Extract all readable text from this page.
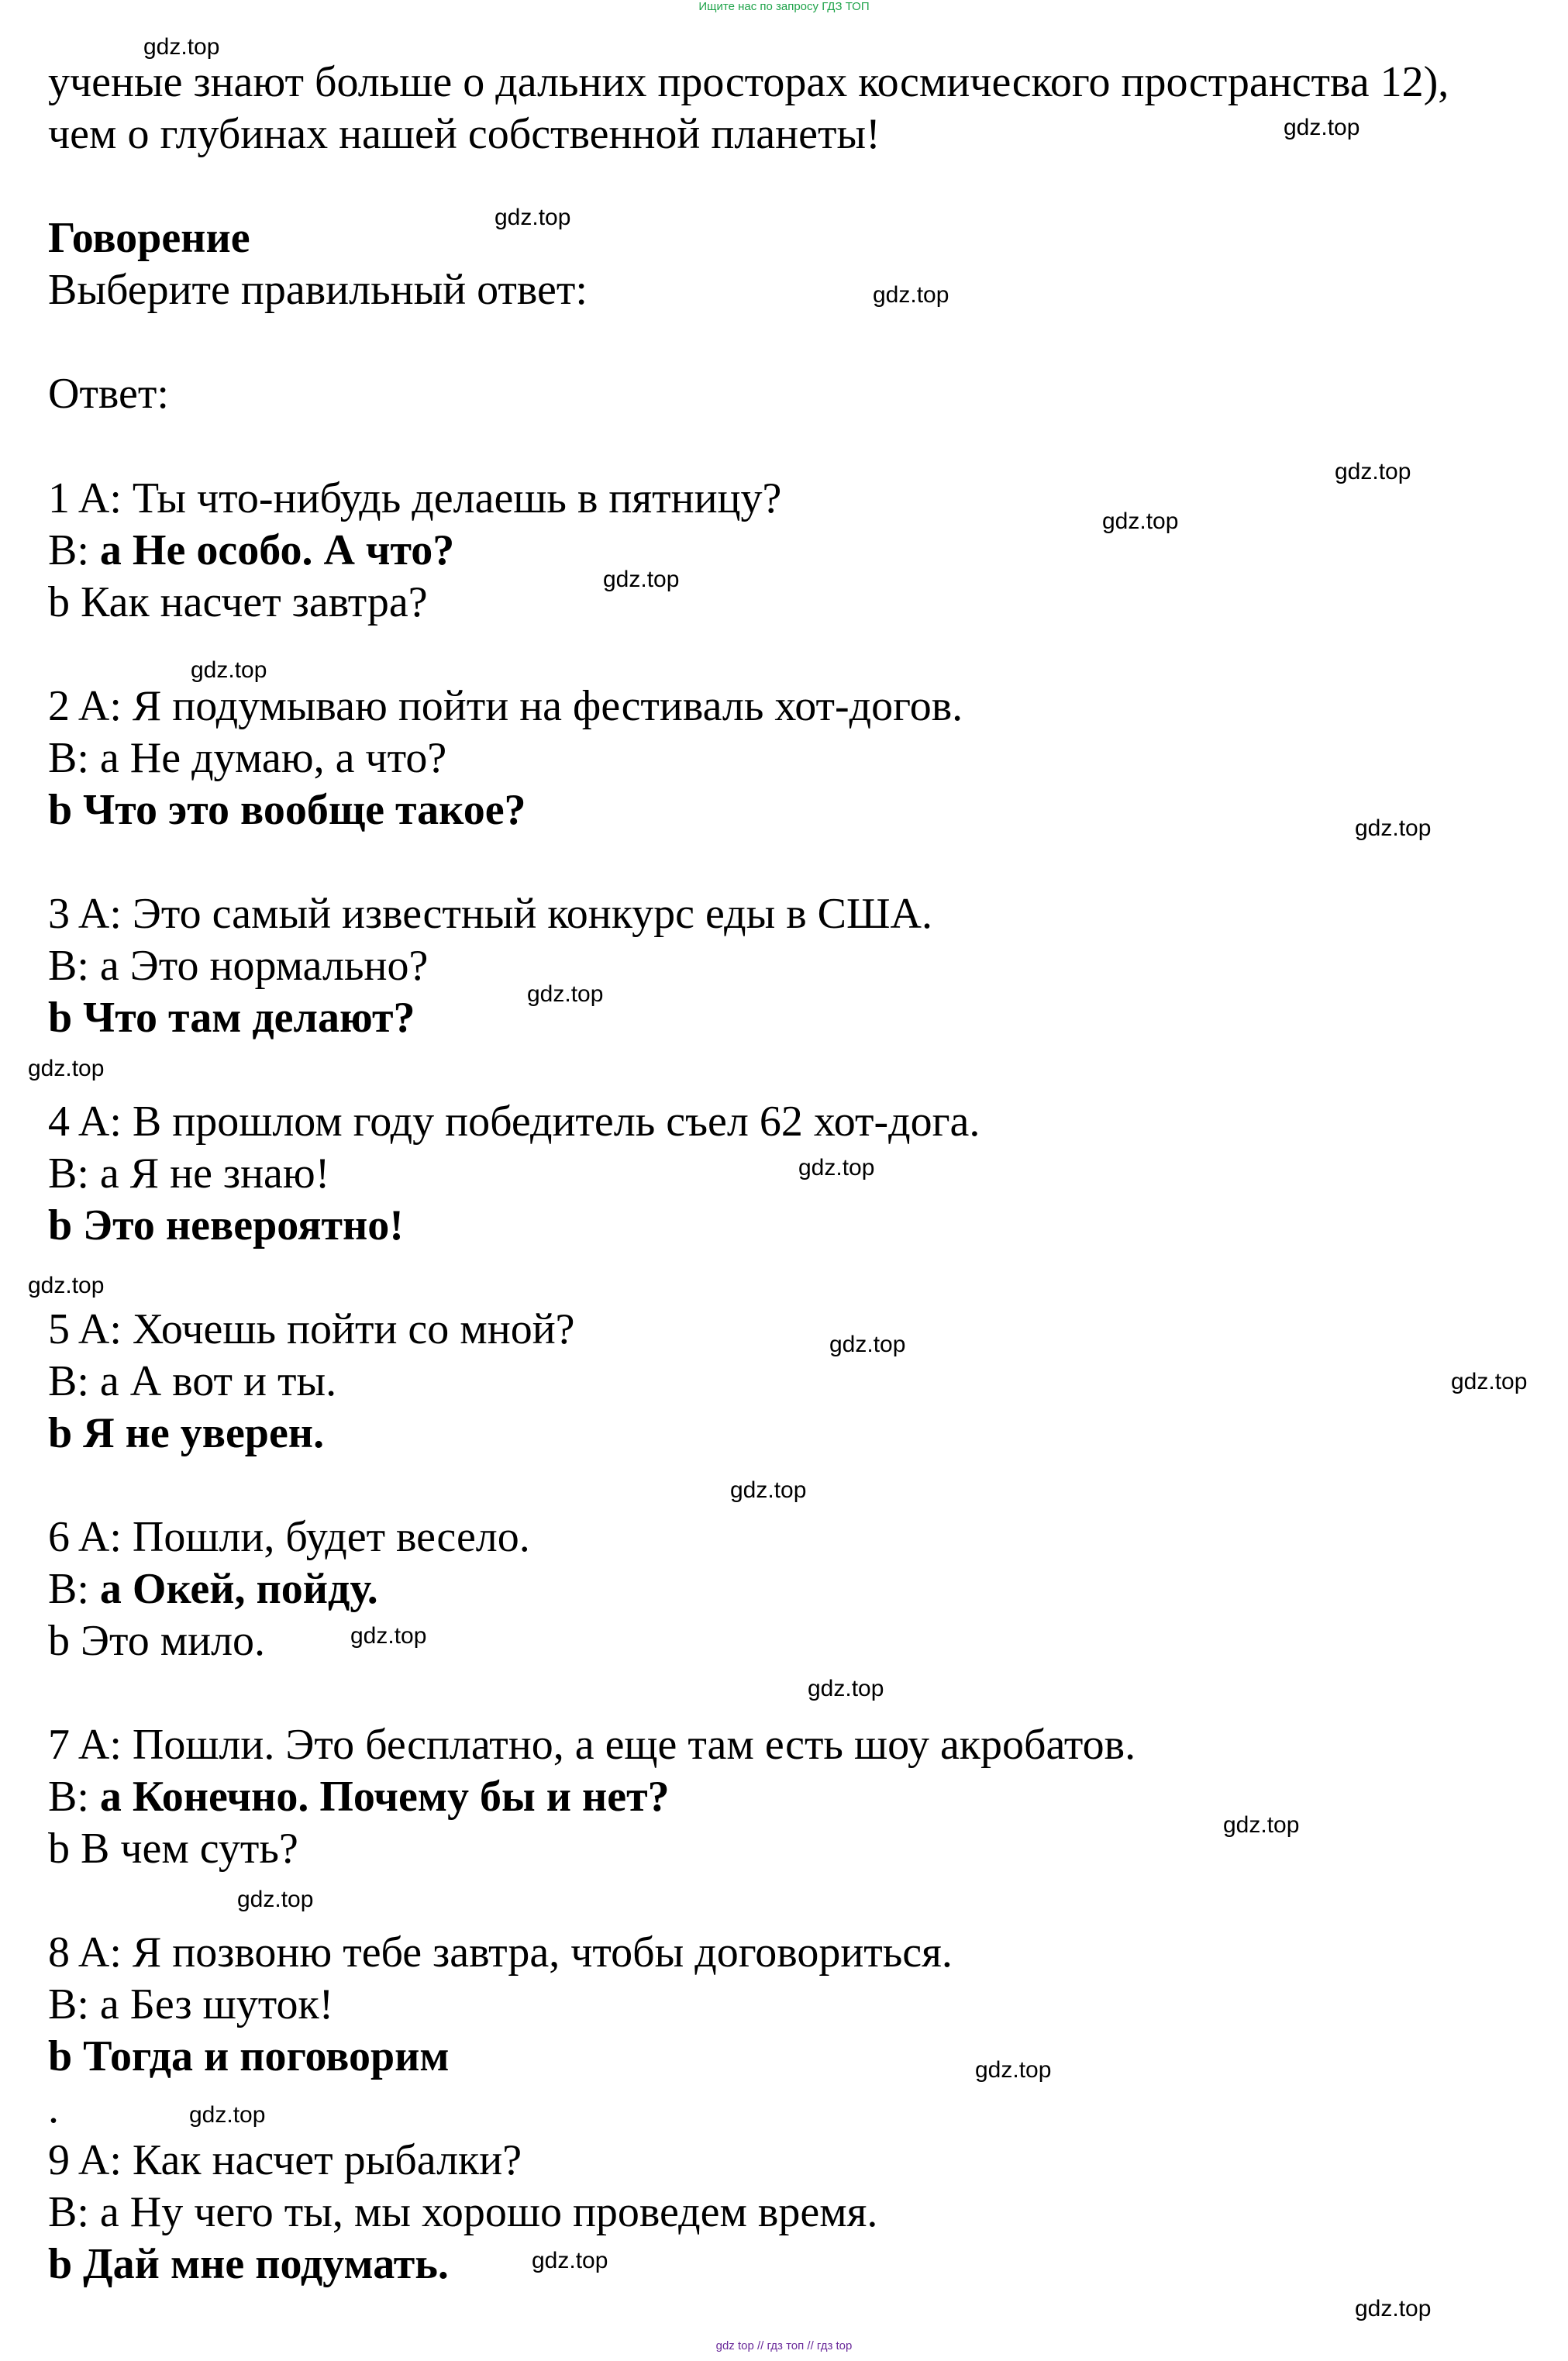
Ищите нас по запросу ГДЗ ТОП
ученые знают больше о дальних просторах космического пространства 12),
чем о глубинах нашей собственной планеты!
Говорение
Выберите правильный ответ:
Ответ:
1 A: Ты что-нибудь делаешь в пятницу?
B: a Не особо. А что?
b Как насчет завтра?
2 A: Я подумываю пойти на фестиваль хот-догов.
B: a Не думаю, а что?
b Что это вообще такое?
3 A: Это самый известный конкурс еды в США.
B: a Это нормально?
b Что там делают?
4 A: В прошлом году победитель съел 62 хот-дога.
B: a Я не знаю!
b Это невероятно!
5 A: Хочешь пойти со мной?
B: a А вот и ты.
b Я не уверен.
6 A: Пошли, будет весело.
B: a Окей, пойду.
b Это мило.
7 A: Пошли. Это бесплатно, а еще там есть шоу акробатов.
B: a Конечно. Почему бы и нет?
b В чем суть?
8 A: Я позвоню тебе завтра, чтобы договориться.
B: a Без шуток!
b Тогда и поговорим
.
9 A: Как насчет рыбалки?
B: a Ну чего ты, мы хорошо проведем время.
b Дай мне подумать.
gdz.top
gdz.top
gdz.top
gdz.top
gdz.top
gdz.top
gdz.top
gdz.top
gdz.top
gdz.top
gdz.top
gdz.top
gdz.top
gdz.top
gdz.top
gdz.top
gdz.top
gdz.top
gdz.top
gdz.top
gdz.top
gdz.top
gdz.top
gdz.top
gdz top // гдз топ // гдз top
